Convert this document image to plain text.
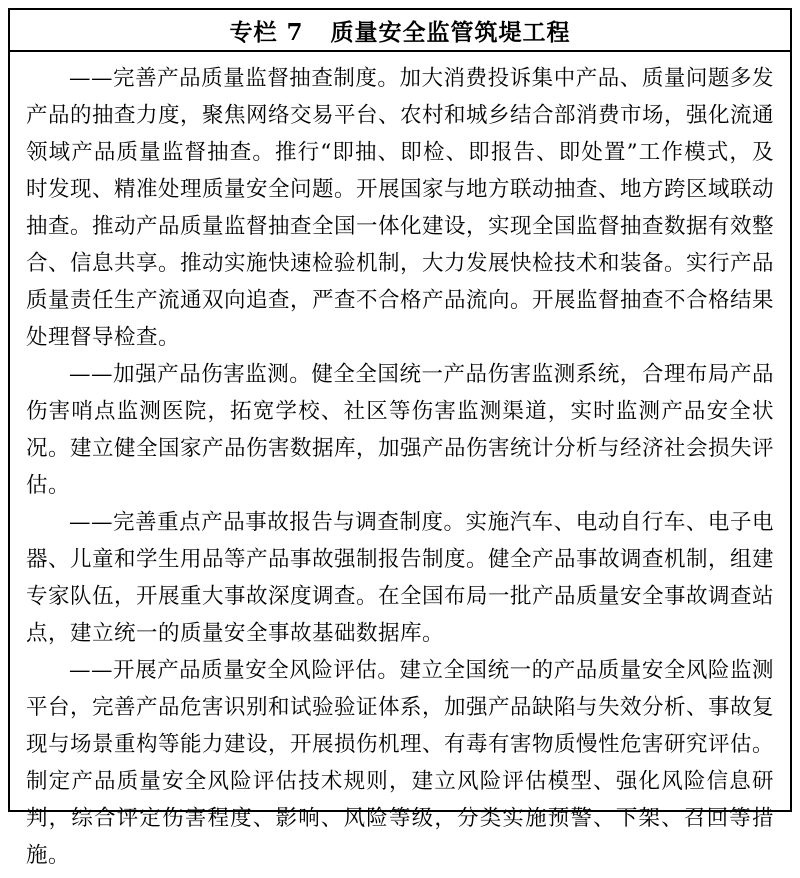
专栏 7   质量安全监管筑堤工程

——完善产品质量监督抽查制度。加大消费投诉集中产品、质量问题多发产品的抽查力度，聚焦网络交易平台、农村和城乡结合部消费市场，强化流通领域产品质量监督抽查。推行“即抽、即检、即报告、即处置”工作模式，及时发现、精准处理质量安全问题。开展国家与地方联动抽查、地方跨区域联动抽查。推动产品质量监督抽查全国一体化建设，实现全国监督抽查数据有效整合、信息共享。推动实施快速检验机制，大力发展快检技术和装备。实行产品质量责任生产流通双向追查，严查不合格产品流向。开展监督抽查不合格结果处理督导检查。

——加强产品伤害监测。健全全国统一产品伤害监测系统，合理布局产品伤害哨点监测医院，拓宽学校、社区等伤害监测渠道，实时监测产品安全状况。建立健全国家产品伤害数据库，加强产品伤害统计分析与经济社会损失评估。

——完善重点产品事故报告与调查制度。实施汽车、电动自行车、电子电器、儿童和学生用品等产品事故强制报告制度。健全产品事故调查机制，组建专家队伍，开展重大事故深度调查。在全国布局一批产品质量安全事故调查站点，建立统一的质量安全事故基础数据库。

——开展产品质量安全风险评估。建立全国统一的产品质量安全风险监测平台，完善产品危害识别和试验验证体系，加强产品缺陷与失效分析、事故复现与场景重构等能力建设，开展损伤机理、有毒有害物质慢性危害研究评估。制定产品质量安全风险评估技术规则，建立风险评估模型、强化风险信息研判，综合评定伤害程度、影响、风险等级，分类实施预警、下架、召回等措施。
